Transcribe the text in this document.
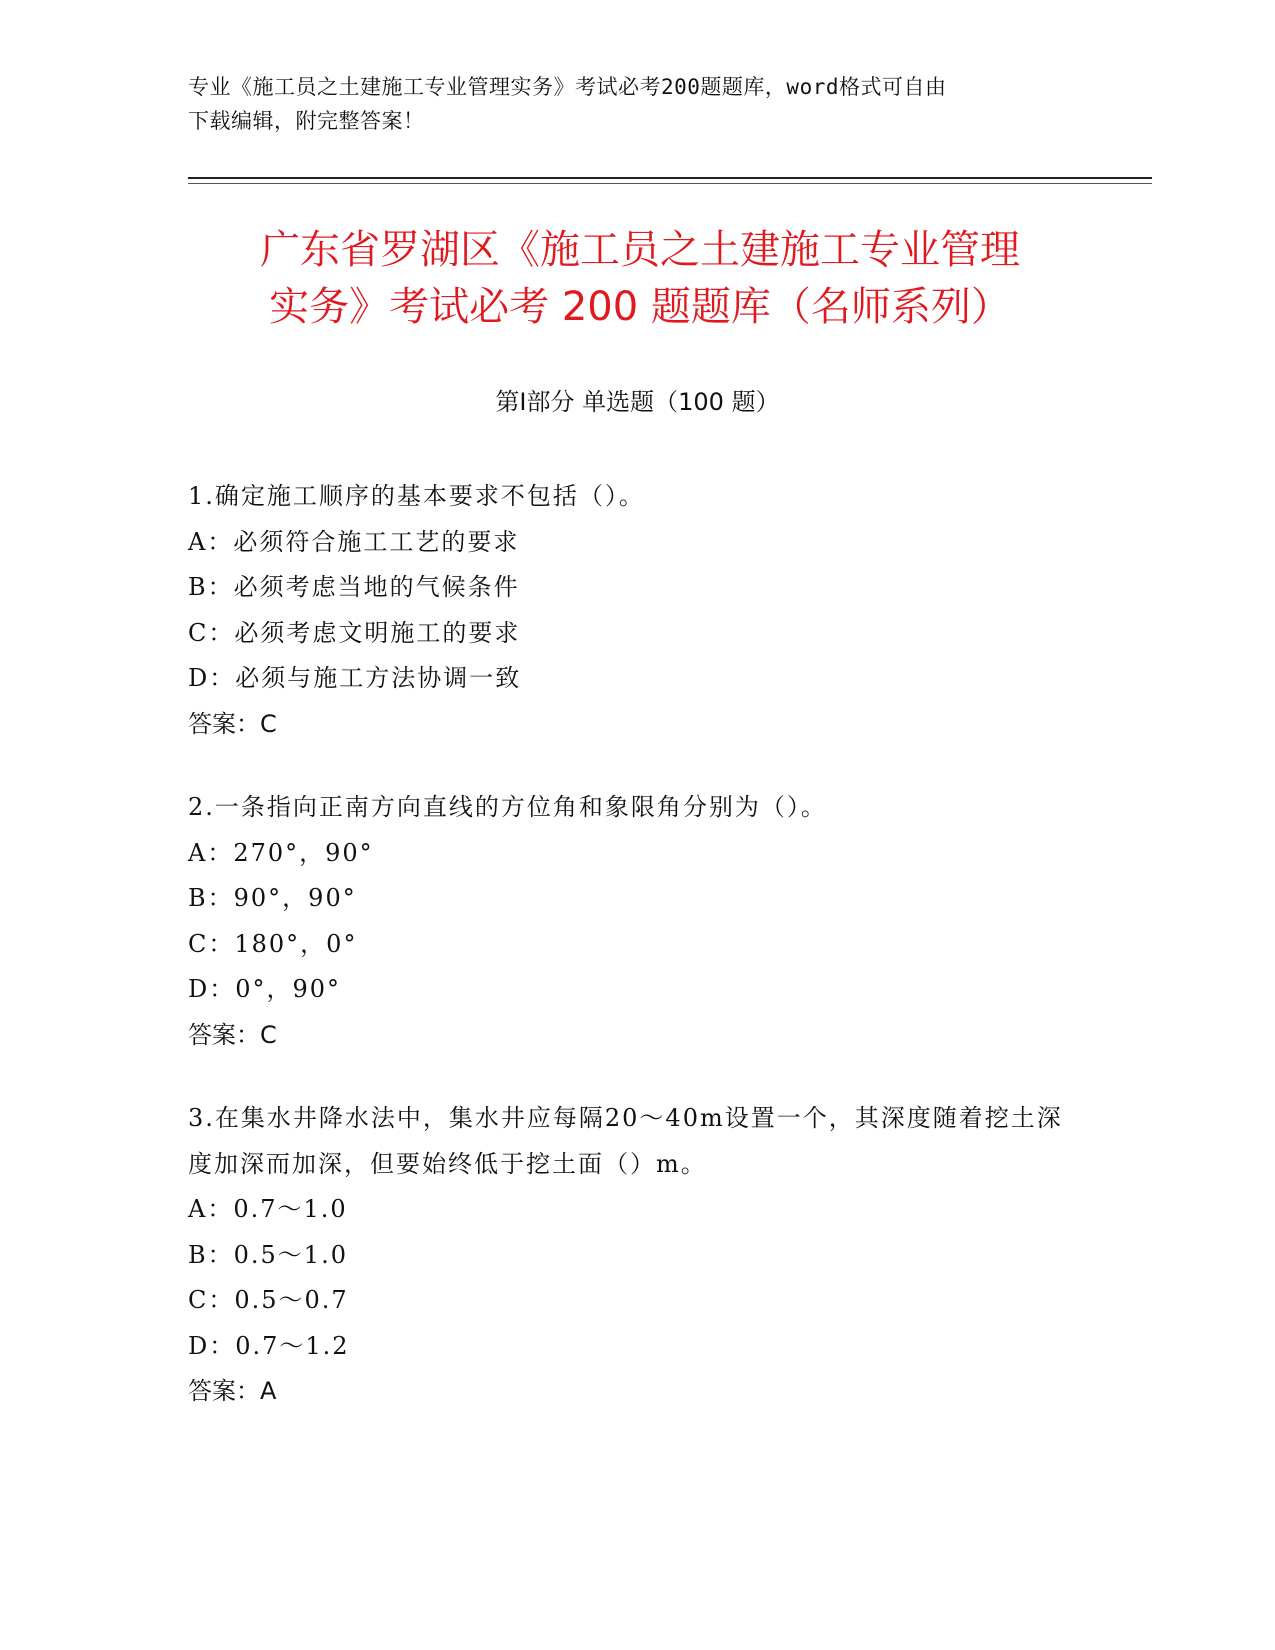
专业《施工员之土建施工专业管理实务》考试必考200题题库，word格式可自由
下载编辑，附完整答案！
广东省罗湖区《施工员之土建施工专业管理
实务》考试必考 200 题题库（名师系列）
第Ⅰ部分 单选题（100 题）

1.确定施工顺序的基本要求不包括（）。

A：必须符合施工工艺的要求

B：必须考虑当地的气候条件

C：必须考虑文明施工的要求

D：必须与施工方法协调一致

答案：C

2.一条指向正南方向直线的方位角和象限角分别为（）。

A：270°，90°

B：90°，90°

C：180°，0°

D：0°，90°

答案：C

3.在集水井降水法中，集水井应每隔20～40m设置一个，其深度随着挖土深度加深而加深，但要始终低于挖土面（）m。

A：0.7～1.0

B：0.5～1.0

C：0.5～0.7

D：0.7～1.2

答案：A
